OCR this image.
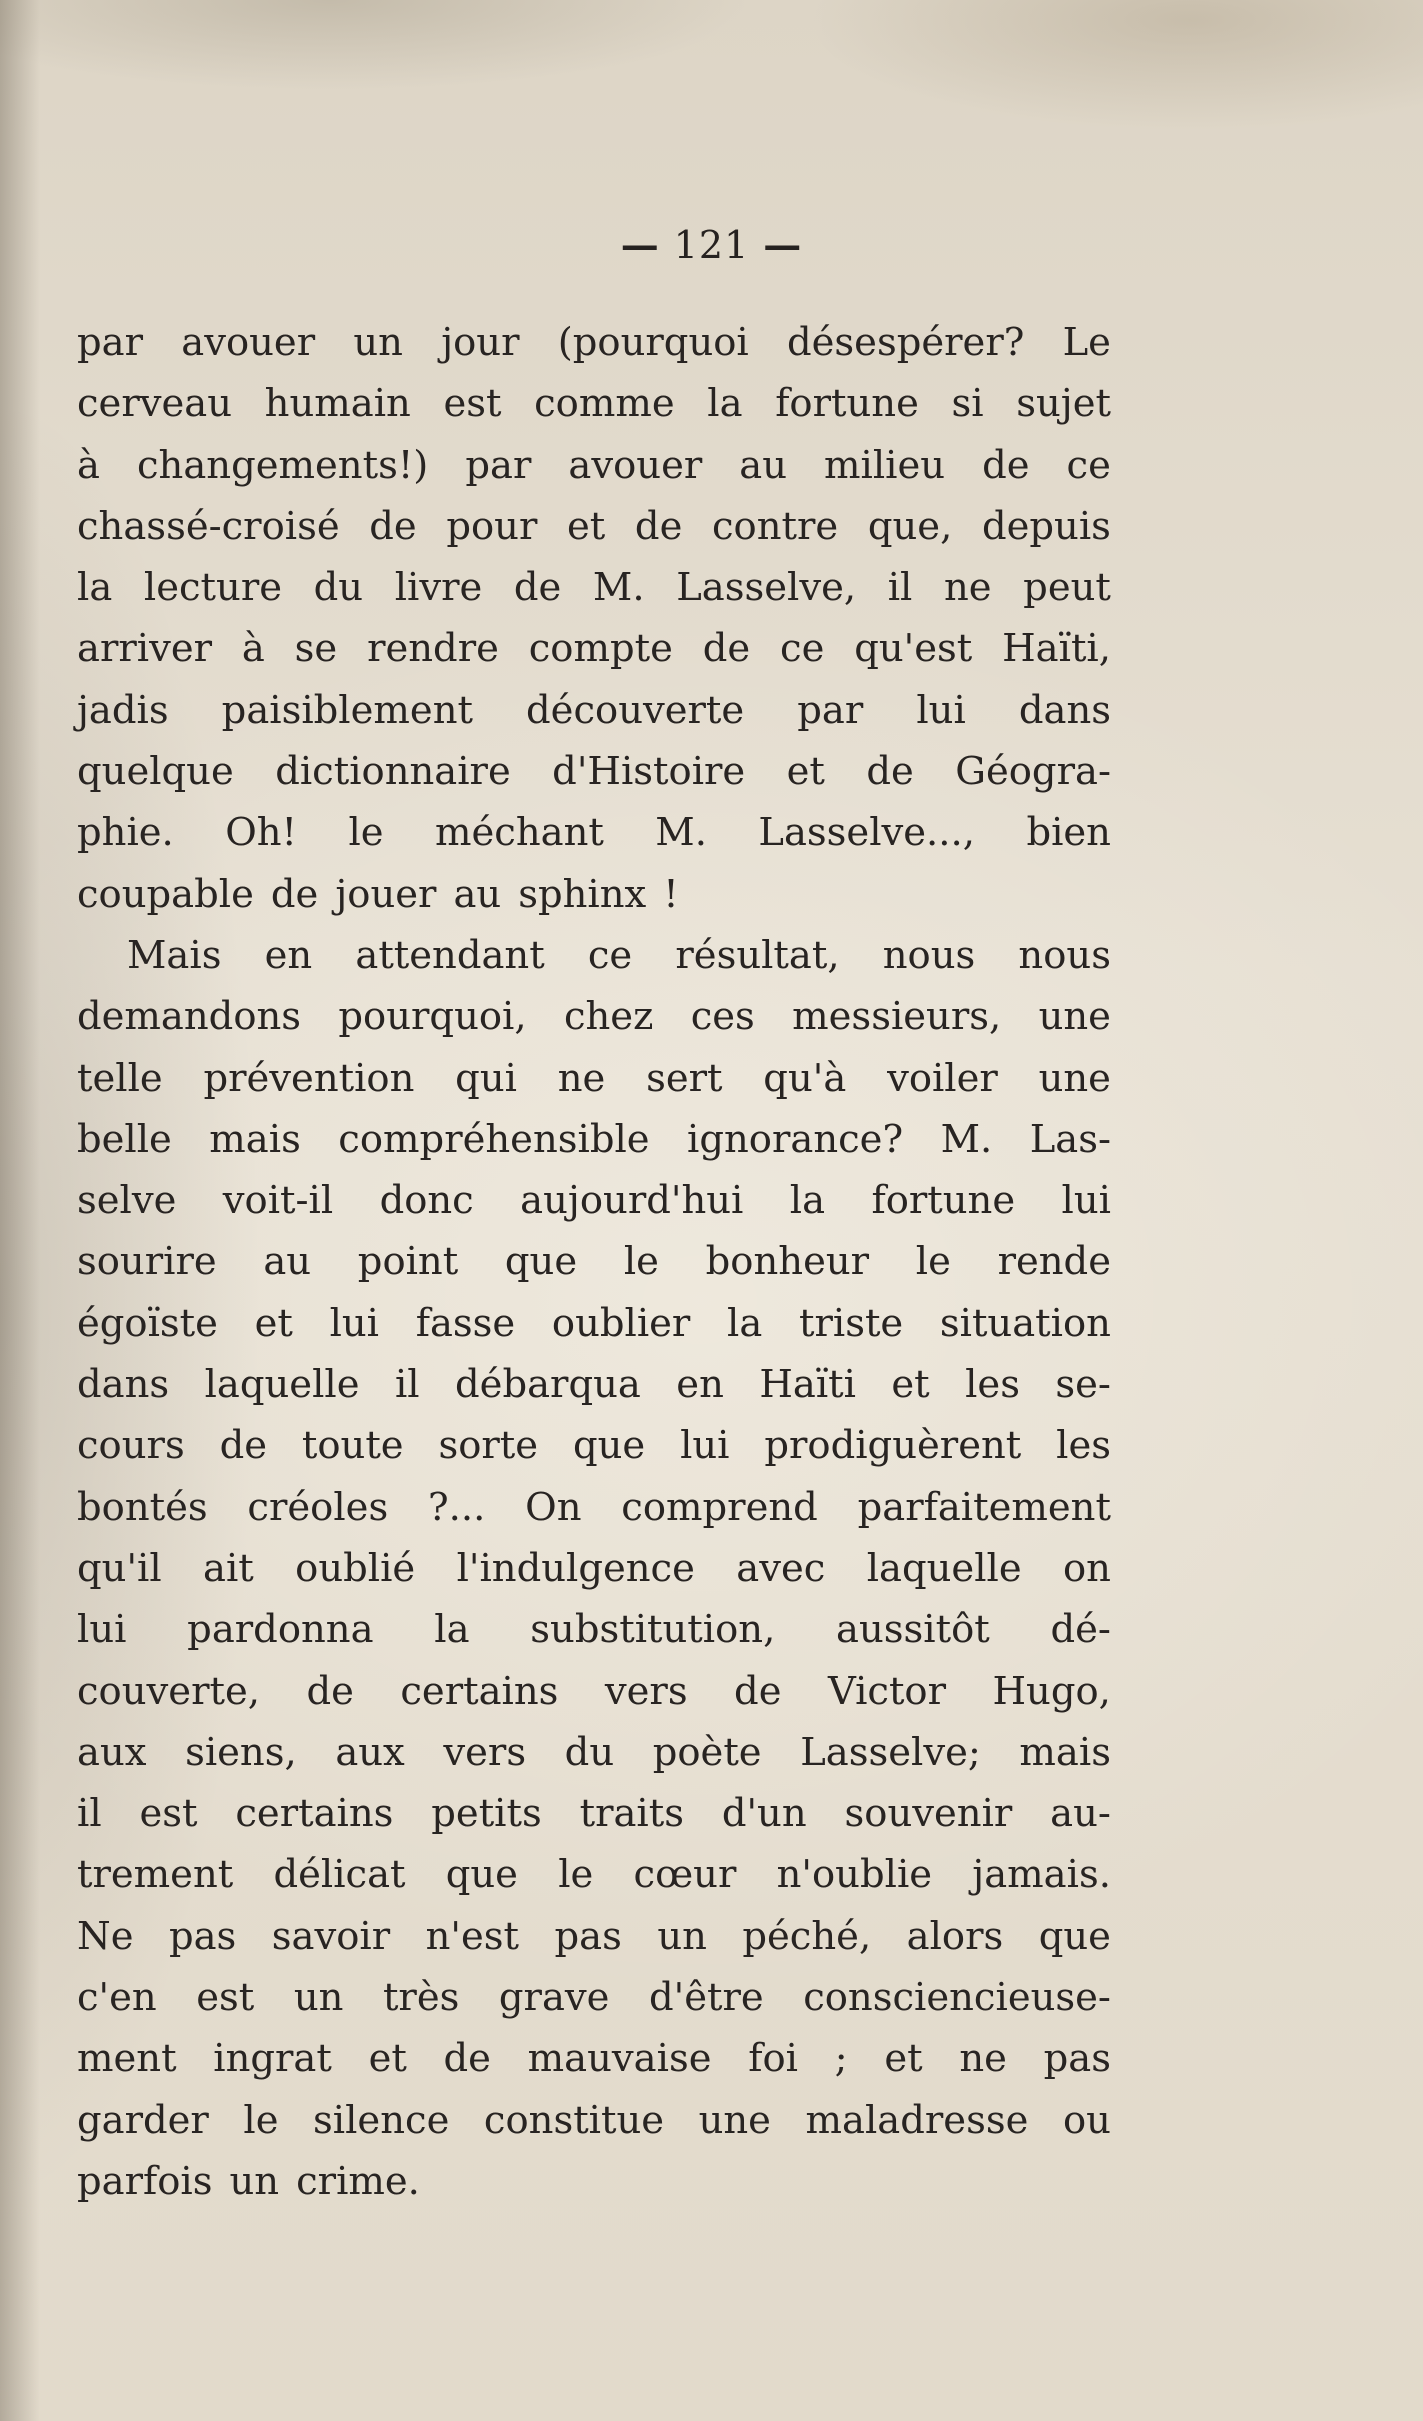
— 121 —
par avouer un jour (pourquoi désespérer? Le
cerveau humain est comme la fortune si sujet
à changements!) par avouer au milieu de ce
chassé-croisé de pour et de contre que, depuis
la lecture du livre de M. Lasselve, il ne peut
arriver à se rendre compte de ce qu'est Haïti,
jadis paisiblement découverte par lui dans
quelque dictionnaire d'Histoire et de Géogra-
phie. Oh! le méchant M. Lasselve..., bien
coupable de jouer au sphinx !
Mais en attendant ce résultat, nous nous
demandons pourquoi, chez ces messieurs, une
telle prévention qui ne sert qu'à voiler une
belle mais compréhensible ignorance? M. Las-
selve voit-il donc aujourd'hui la fortune lui
sourire au point que le bonheur le rende
égoïste et lui fasse oublier la triste situation
dans laquelle il débarqua en Haïti et les se-
cours de toute sorte que lui prodiguèrent les
bontés créoles ?... On comprend parfaitement
qu'il ait oublié l'indulgence avec laquelle on
lui pardonna la substitution, aussitôt dé-
couverte, de certains vers de Victor Hugo,
aux siens, aux vers du poète Lasselve; mais
il est certains petits traits d'un souvenir au-
trement délicat que le cœur n'oublie jamais.
Ne pas savoir n'est pas un péché, alors que
c'en est un très grave d'être consciencieuse-
ment ingrat et de mauvaise foi ; et ne pas
garder le silence constitue une maladresse ou
parfois un crime.
